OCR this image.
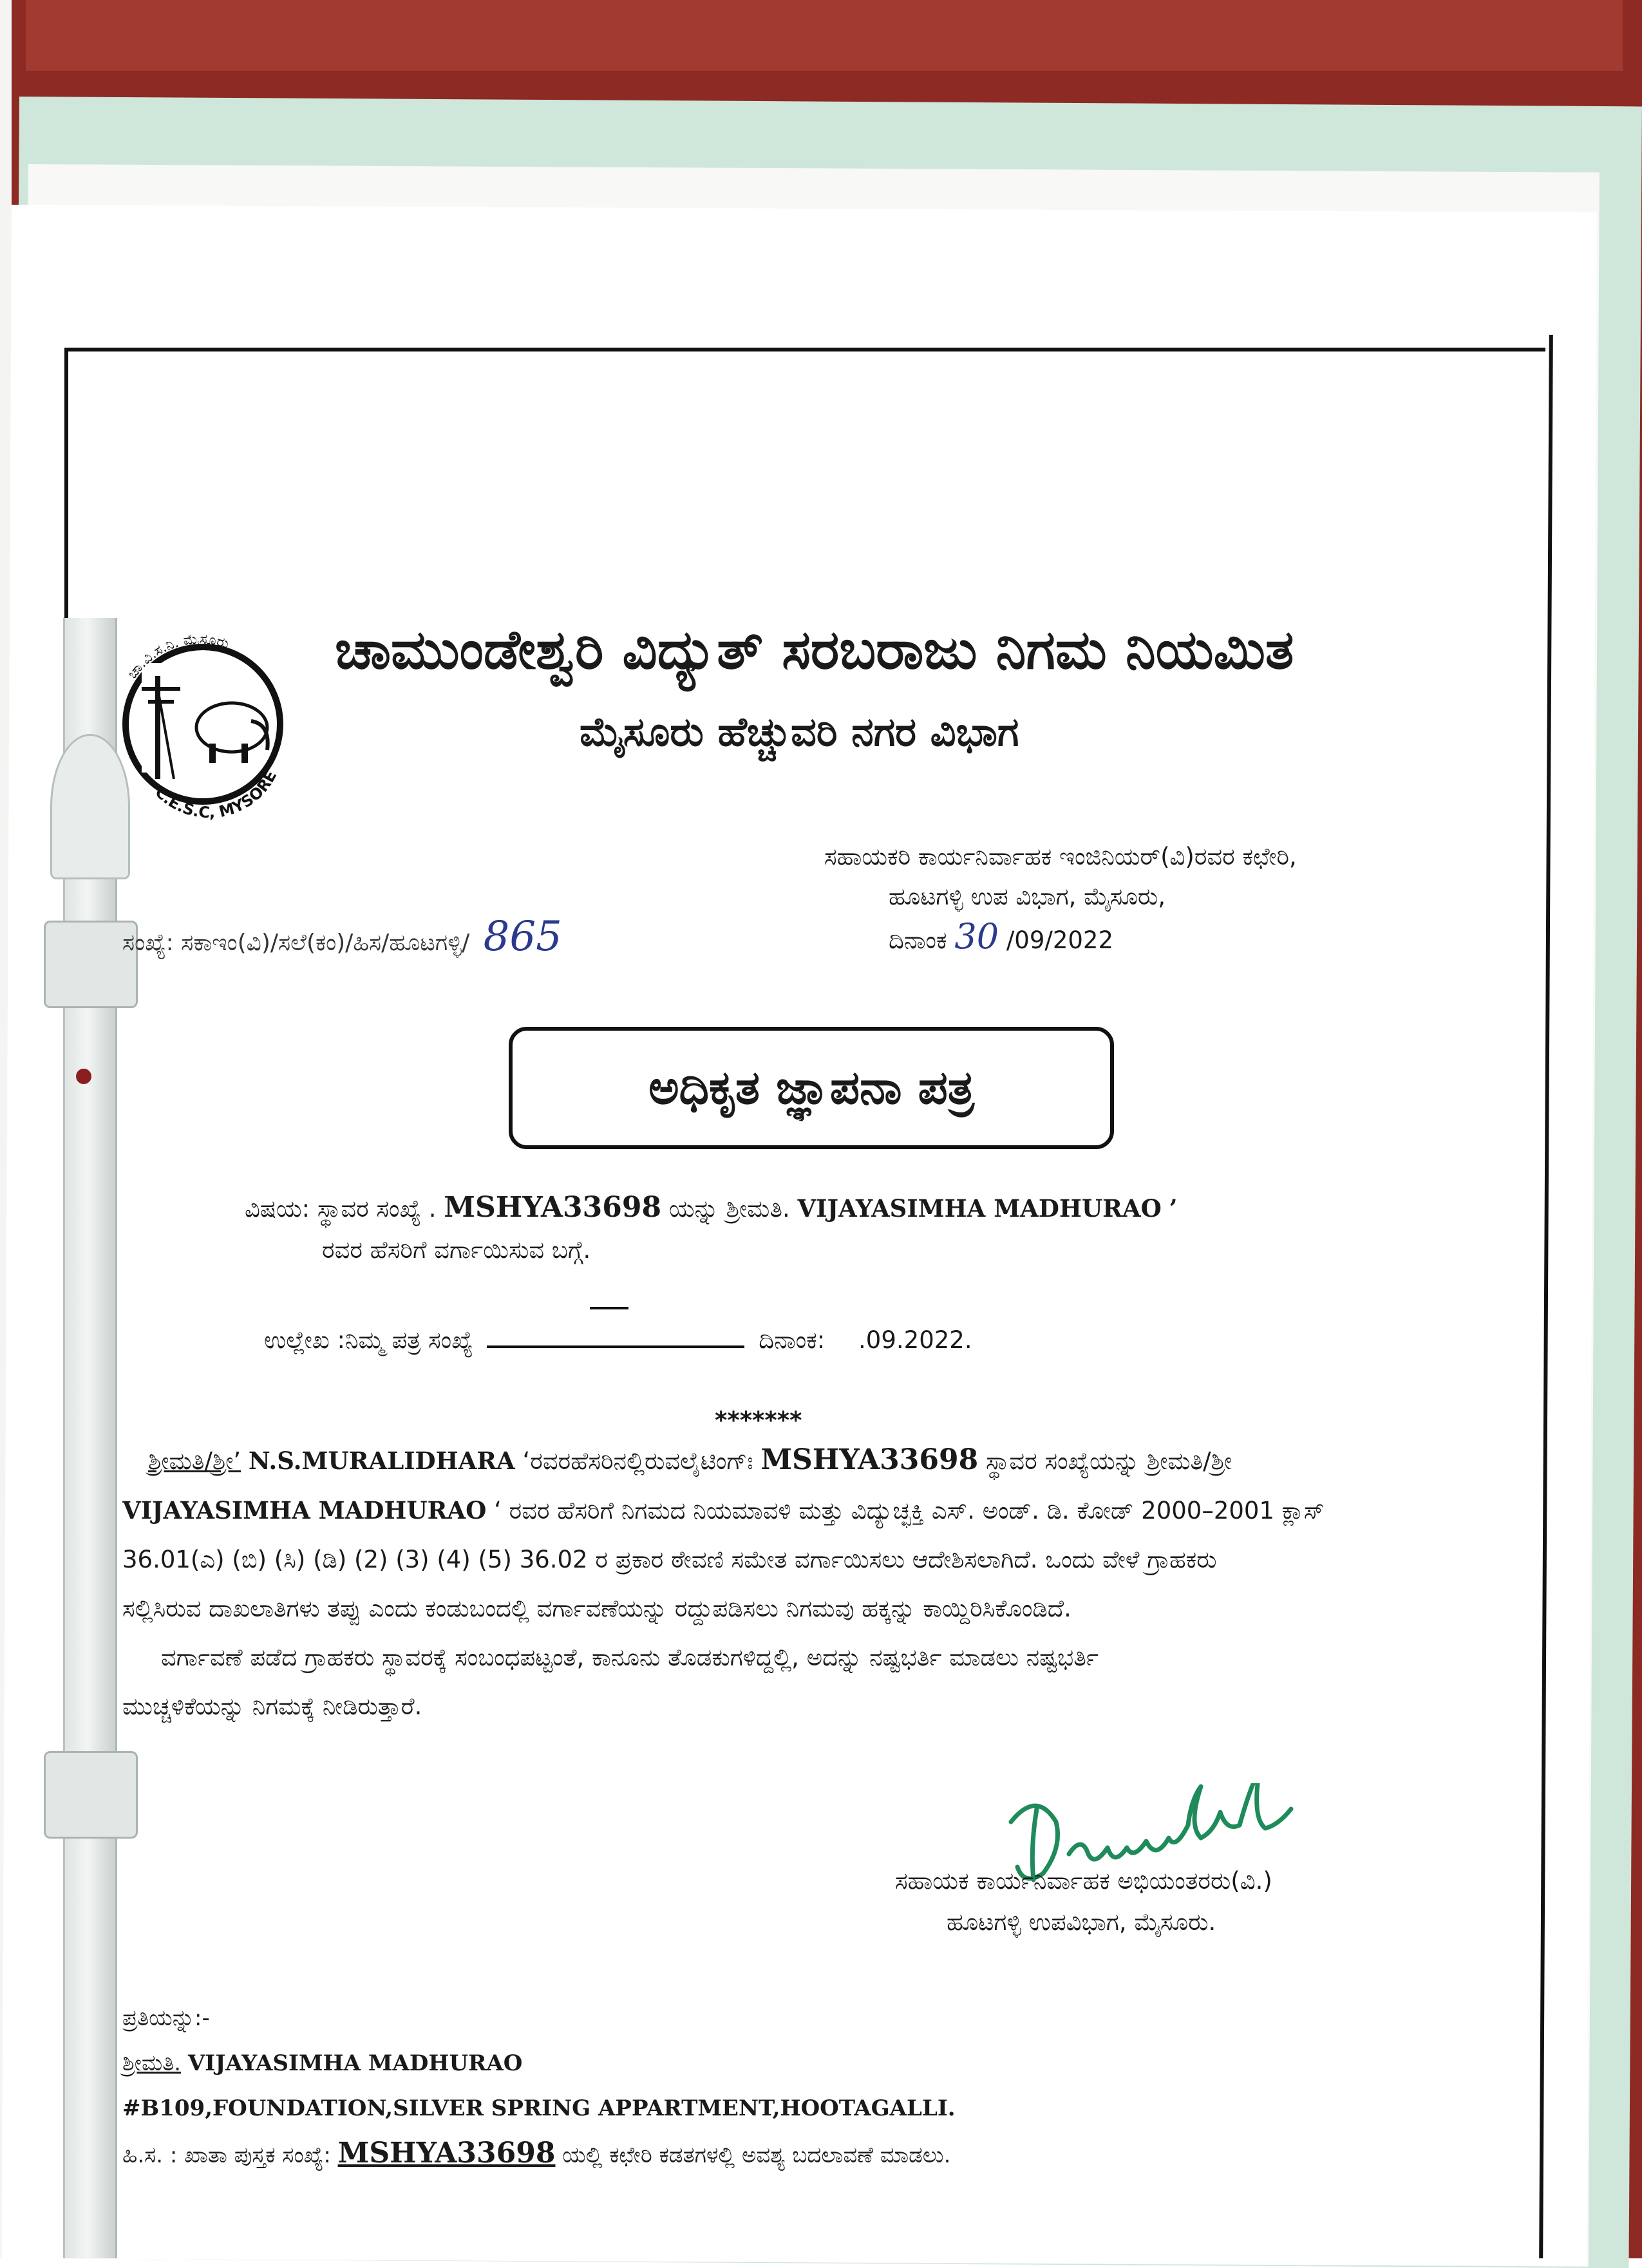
ಚಾ.ವಿ.ಸ.ನಿ. ಮೈಸೂರು
C.E.S.C, MYSORE
ಚಾಮುಂಡೇಶ್ವರಿ ವಿದ್ಯುತ್ ಸರಬರಾಜು ನಿಗಮ ನಿಯಮಿತ
ಮೈಸೂರು ಹೆಚ್ಚುವರಿ ನಗರ ವಿಭಾಗ
ಸಹಾಯಕರಿ ಕಾರ್ಯನಿರ್ವಾಹಕ ಇಂಜಿನಿಯರ್(ವಿ)ರವರ ಕಛೇರಿ,
ಹೂಟಗಳ್ಳಿ ಉಪ ವಿಭಾಗ, ಮೈಸೂರು,
ದಿನಾಂಕ 30 /09/2022
ಸಂಖ್ಯೆ: ಸಕಾಇಂ(ವಿ)/ಸಲೆ(ಕಂ)/ಹಿಸ/ಹೂಟಗಳ್ಳಿ/ 865
ಅಧಿಕೃತ ಜ್ಞಾಪನಾ ಪತ್ರ
ವಿಷಯ: ಸ್ಥಾವರ ಸಂಖ್ಯೆ . MSHYA33698 ಯನ್ನು ಶ್ರೀಮತಿ. VIJAYASIMHA MADHURAO ’
ರವರ ಹೆಸರಿಗೆ ವರ್ಗಾಯಿಸುವ ಬಗ್ಗೆ.
ಉಲ್ಲೇಖ :ನಿಮ್ಮ ಪತ್ರ ಸಂಖ್ಯೆ	ದಿನಾಂಕ: .09.2022.
*******
ಶ್ರೀಮತಿ/ಶ್ರೀ’ N.S.MURALIDHARA ‘ರವರಹೆಸರಿನಲ್ಲಿರುವಲೈಟಿಂಗ್ಃ MSHYA33698 ಸ್ಥಾವರ ಸಂಖ್ಯೆಯನ್ನು ಶ್ರೀಮತಿ/ಶ್ರೀ
VIJAYASIMHA MADHURAO ‘ ರವರ ಹೆಸರಿಗೆ ನಿಗಮದ ನಿಯಮಾವಳಿ ಮತ್ತು ವಿದ್ಯುಚ್ಛಕ್ತಿ ಎಸ್. ಅಂಡ್. ಡಿ. ಕೋಡ್ 2000–2001 ಕ್ಲಾಸ್
36.01(ಎ) (ಬಿ) (ಸಿ) (ಡಿ) (2) (3) (4) (5) 36.02 ರ ಪ್ರಕಾರ ಠೇವಣಿ ಸಮೇತ ವರ್ಗಾಯಿಸಲು ಆದೇಶಿಸಲಾಗಿದೆ. ಒಂದು ವೇಳೆ ಗ್ರಾಹಕರು
ಸಲ್ಲಿಸಿರುವ ದಾಖಲಾತಿಗಳು ತಪ್ಪು ಎಂದು ಕಂಡುಬಂದಲ್ಲಿ ವರ್ಗಾವಣೆಯನ್ನು ರದ್ದುಪಡಿಸಲು ನಿಗಮವು ಹಕ್ಕನ್ನು ಕಾಯ್ದಿರಿಸಿಕೊಂಡಿದೆ.
ವರ್ಗಾವಣೆ ಪಡೆದ ಗ್ರಾಹಕರು ಸ್ಥಾವರಕ್ಕೆ ಸಂಬಂಧಪಟ್ಟಂತೆ, ಕಾನೂನು ತೊಡಕುಗಳಿದ್ದಲ್ಲಿ, ಅದನ್ನು ನಷ್ಟಭರ್ತಿ ಮಾಡಲು ನಷ್ಟಭರ್ತಿ
ಮುಚ್ಚಳಿಕೆಯನ್ನು ನಿಗಮಕ್ಕೆ ನೀಡಿರುತ್ತಾರೆ.
ಸಹಾಯಕ ಕಾರ್ಯನಿರ್ವಾಹಕ ಅಭಿಯಂತರರು(ವಿ.)
ಹೂಟಗಳ್ಳಿ ಉಪವಿಭಾಗ, ಮೈಸೂರು.
ಪ್ರತಿಯನ್ನು:-
ಶ್ರೀಮತಿ. VIJAYASIMHA MADHURAO
#B109,FOUNDATION,SILVER SPRING APPARTMENT,HOOTAGALLI.
ಹಿ.ಸ. : ಖಾತಾ ಪುಸ್ತಕ ಸಂಖ್ಯೆ: MSHYA33698 ಯಲ್ಲಿ ಕಛೇರಿ ಕಡತಗಳಲ್ಲಿ ಅವಶ್ಯ ಬದಲಾವಣೆ ಮಾಡಲು.
